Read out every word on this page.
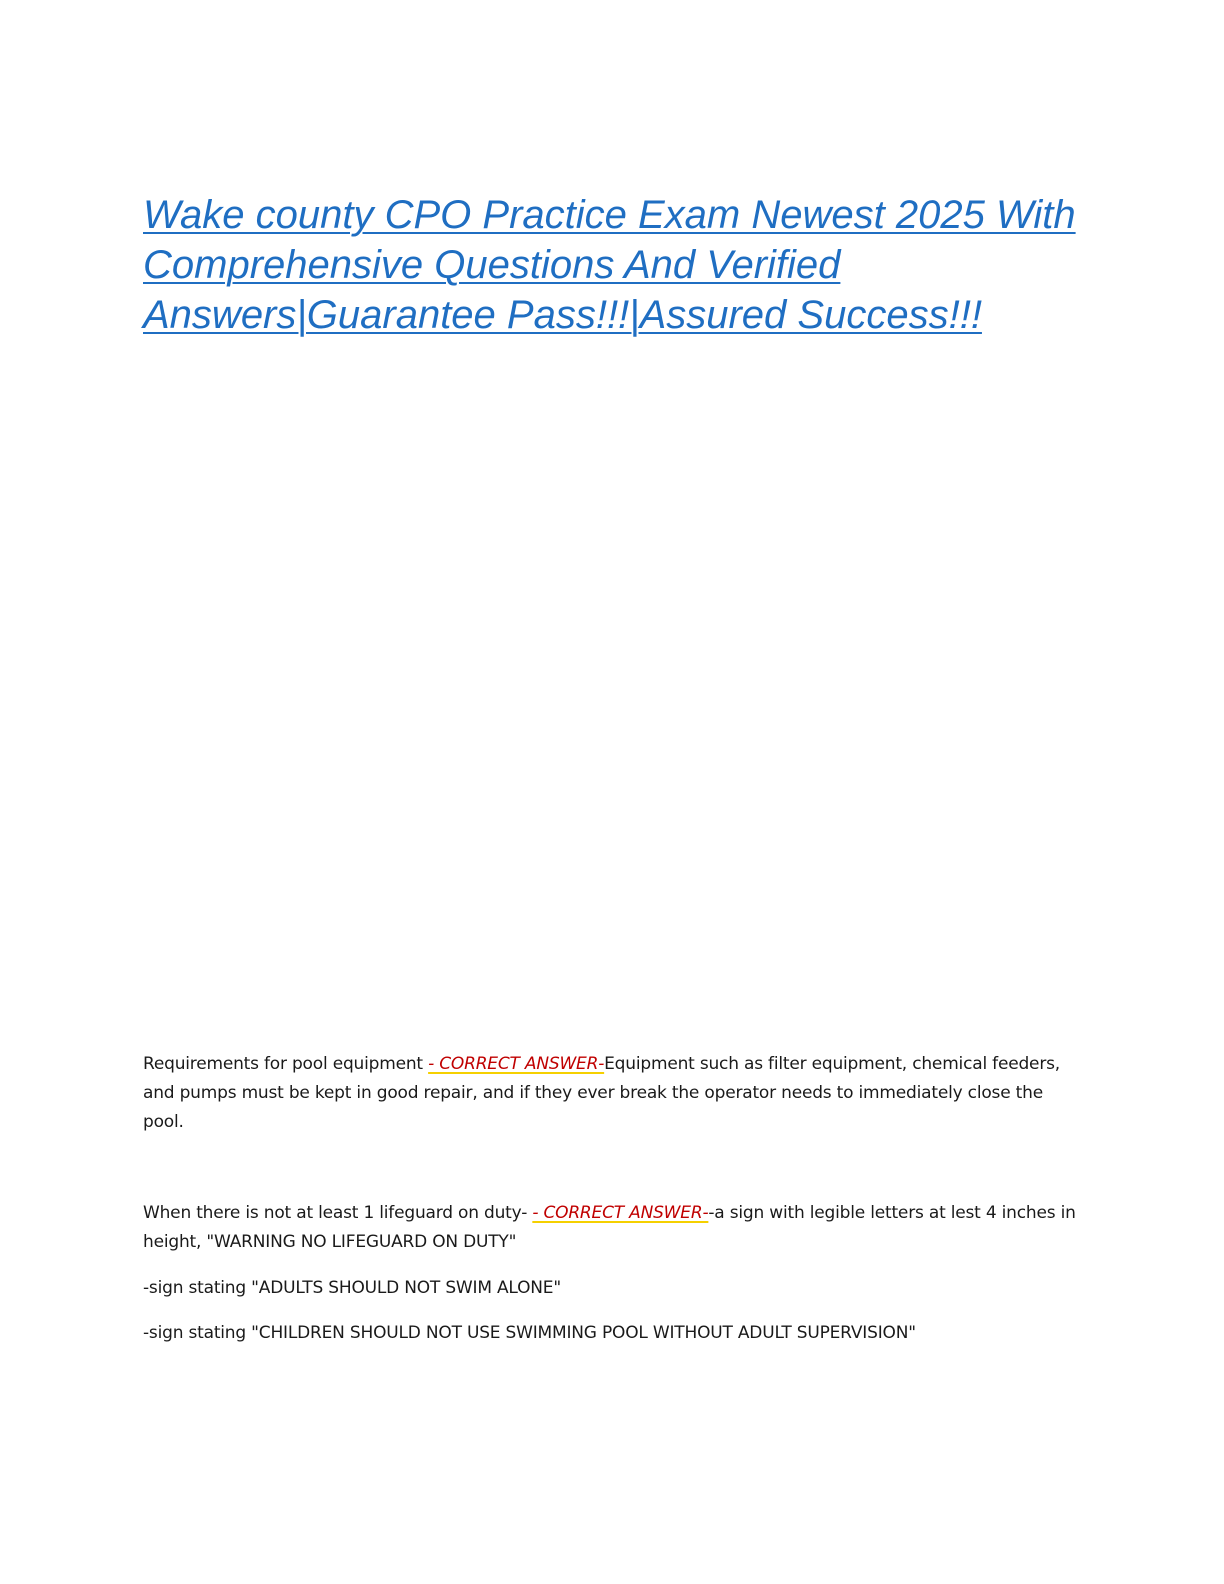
Wake county CPO Practice Exam Newest 2025 With Comprehensive Questions And Verified Answers|Guarantee Pass!!!|Assured Success!!!

Requirements for pool equipment - CORRECT ANSWER-Equipment such as filter equipment, chemical feeders, and pumps must be kept in good repair, and if they ever break the operator needs to immediately close the pool.

When there is not at least 1 lifeguard on duty- - CORRECT ANSWER--a sign with legible letters at lest 4 inches in height, "WARNING NO LIFEGUARD ON DUTY"

-sign stating "ADULTS SHOULD NOT SWIM ALONE"

-sign stating "CHILDREN SHOULD NOT USE SWIMMING POOL WITHOUT ADULT SUPERVISION"
